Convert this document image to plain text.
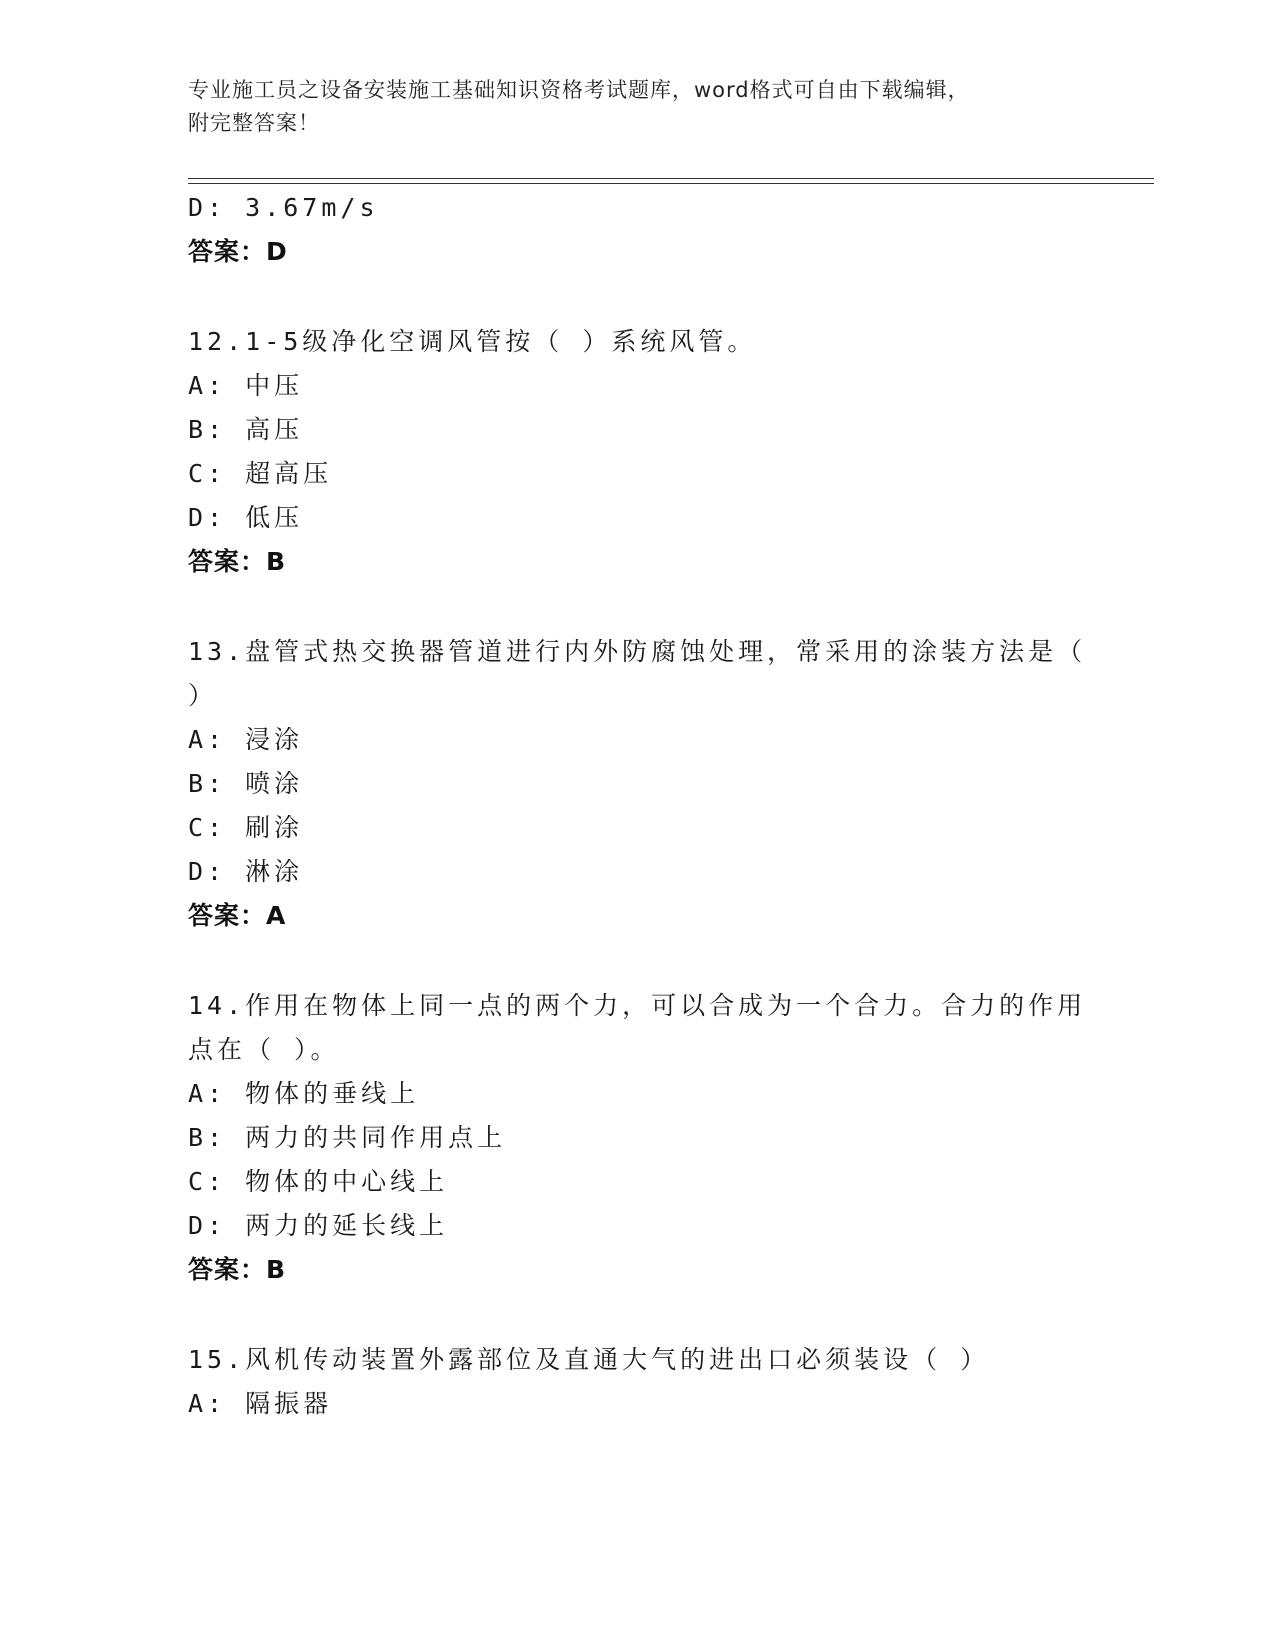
专业施工员之设备安装施工基础知识资格考试题库，word格式可自由下载编辑，
附完整答案！
D: 3.67m/s
答案：D
12.1-5级净化空调风管按（ ）系统风管。
A: 中压
B: 高压
C: 超高压
D: 低压
答案：B
13.盘管式热交换器管道进行内外防腐蚀处理，常采用的涂装方法是（
）
A: 浸涂
B: 喷涂
C: 刷涂
D: 淋涂
答案：A
14.作用在物体上同一点的两个力，可以合成为一个合力。合力的作用
点在（ ）。
A: 物体的垂线上
B: 两力的共同作用点上
C: 物体的中心线上
D: 两力的延长线上
答案：B
15.风机传动装置外露部位及直通大气的进出口必须装设（ ）
A: 隔振器
